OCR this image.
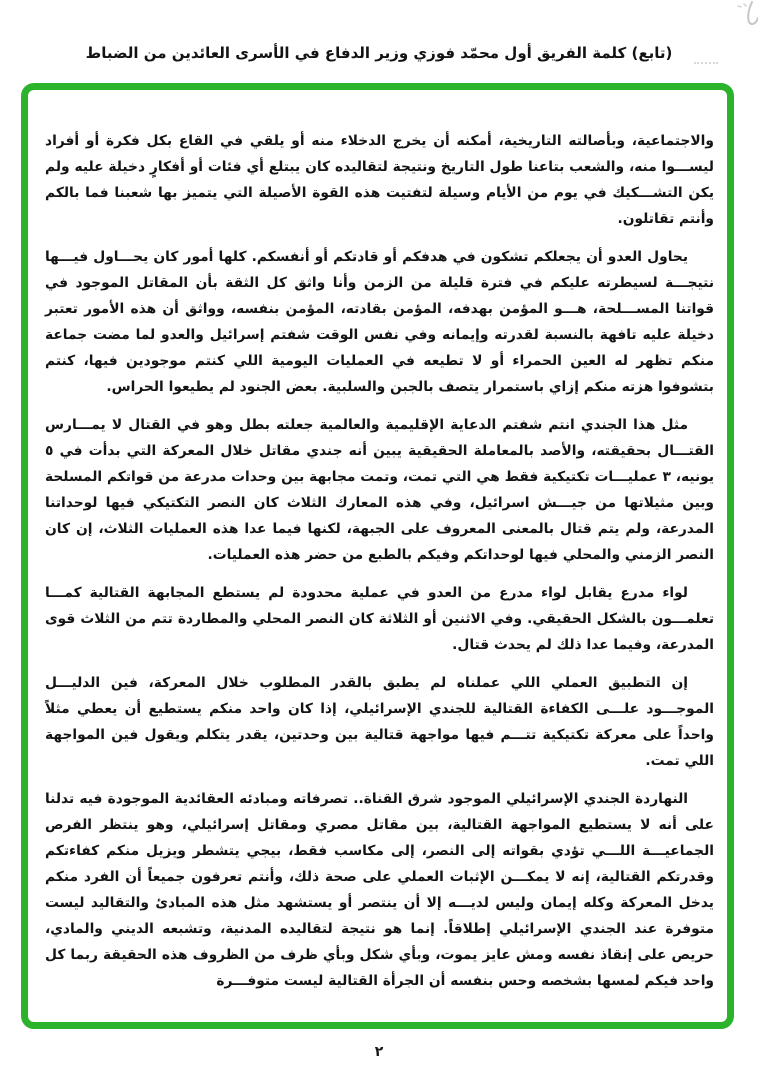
(تابع) كلمة الفريق أول محمّد فوزي وزير الدفاع في الأسرى العائدين من الضباط

والاجتماعية، وبأصالته التاريخية، أمكنه أن يخرج الدخلاء منه أو يلقي في القاع بكل فكرة أو أفراد ليســـوا منه، والشعب بتاعنا طول التاريخ ونتيجة لتقاليده كان يبتلع أي فئات أو أفكارٍ دخيلة عليه ولم يكن التشـــكيك في يوم من الأيام وسيلة لتفتيت هذه القوة الأصيلة التي يتميز بها شعبنا فما بالكم وأنتم تقاتلون.

يحاول العدو أن يجعلكم تشكون في هدفكم أو قادتكم أو أنفسكم. كلها أمور كان يحـــاول فيـــها نتيجـــة لسيطرته عليكم في فترة قليلة من الزمن وأنا واثق كل الثقة بأن المقاتل الموجود في قواتنا المســـلحة، هـــو المؤمن بهدفه، المؤمن بقادته، المؤمن بنفسه، وواثق أن هذه الأمور تعتبر دخيلة عليه تافهة بالنسبة لقدرته وإيمانه وفي نفس الوقت شفتم إسرائيل والعدو لما مضت جماعة منكم تظهر له العين الحمراء أو لا تطيعه في العمليات اليومية اللي كنتم موجودين فيها، كنتم بتشوفوا هزته منكم إزاي باستمرار يتصف بالجبن والسلبية. بعض الجنود لم يطيعوا الحراس.

مثل هذا الجندي انتم شفتم الدعاية الإقليمية والعالمية جعلته بطل وهو في القتال لا يمـــارس القتـــال بحقيقته، والأصد بالمعاملة الحقيقية يبين أنه جندي مقاتل خلال المعركة التي بدأت في ٥ يونيه، ٣ عمليـــات تكتيكية فقط هي التي تمت، وتمت مجابهة بين وحدات مدرعة من قواتكم المسلحة وبين مثيلاتها من جيـــش اسرائيل، وفي هذه المعارك الثلاث كان النصر التكتيكي فيها لوحداتنا المدرعة، ولم يتم قتال بالمعنى المعروف على الجبهة، لكنها فيما عدا هذه العمليات الثلاث، إن كان النصر الزمني والمحلي فيها لوحداتكم وفيكم بالطبع من حضر هذه العمليات.

لواء مدرع يقابل لواء مدرع من العدو في عملية محدودة لم يستطع المجابهة القتالية كمـــا تعلمـــون بالشكل الحقيقي. وفي الاثنين أو الثلاثة كان النصر المحلي والمطاردة تتم من الثلاث قوى المدرعة، وفيما عدا ذلك لم يحدث قتال.

إن التطبيق العملي اللي عملناه لم يطبق بالقدر المطلوب خلال المعركة، فين الدليـــل الموجـــود علـــى الكفاءة القتالية للجندي الإسرائيلي، إذا كان واحد منكم يستطيع أن يعطي مثلاً واحداً على معركة تكتيكية تتـــم فيها مواجهة قتالية بين وحدتين، يقدر يتكلم ويقول فين المواجهة اللي تمت.

النهاردة الجندي الإسرائيلي الموجود شرق القناة.. تصرفاته ومبادئه العقائدية الموجودة فيه تدلنا على أنه لا يستطيع المواجهة القتالية، بين مقاتل مصري ومقاتل إسرائيلي، وهو ينتظر الفرص الجماعيـــة اللـــي تؤدي بقواته إلى النصر، إلى مكاسب فقط، بيجي يتشطر ويزيل منكم كفاءتكم وقدرتكم القتالية، إنه لا يمكـــن الإثبات العملي على صحة ذلك، وأنتم تعرفون جميعاً أن الفرد منكم يدخل المعركة وكله إيمان وليس لديـــه إلا أن ينتصر أو يستشهد مثل هذه المبادئ والتقاليد ليست متوفرة عند الجندي الإسرائيلي إطلاقاً. إنما هو نتيجة لتقاليده المدنية، وتشبعه الديني والمادي، حريص على إنقاذ نفسه ومش عايز يموت، وبأي شكل وبأي ظرف من الظروف هذه الحقيقة ربما كل واحد فيكم لمسها بشخصه وحس بنفسه أن الجرأة القتالية ليست متوفـــرة

٢
